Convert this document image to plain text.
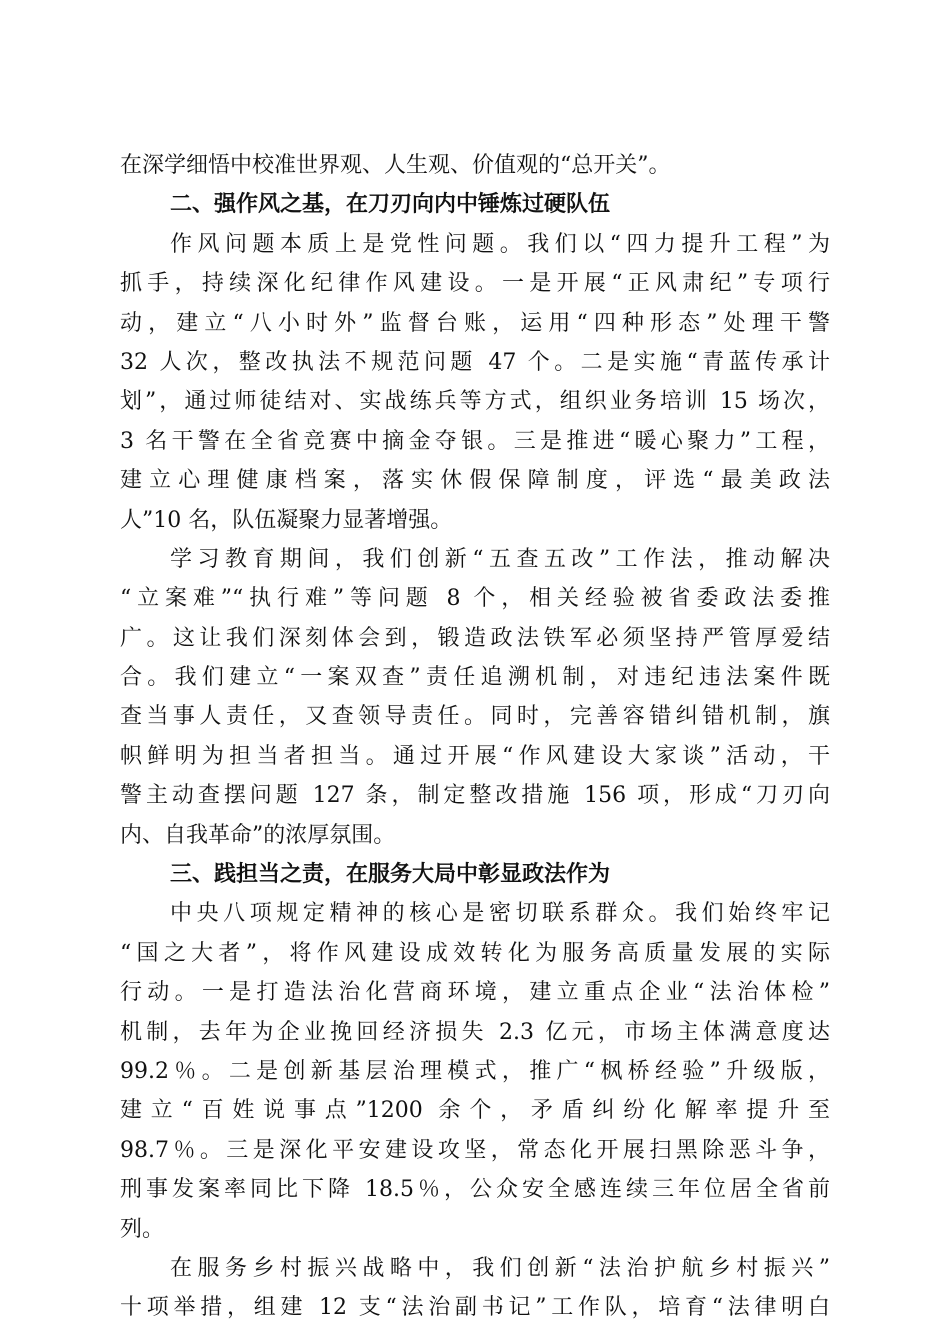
在深学细悟中校准世界观、人生观、价值观的“总开关”。
二、强作风之基，在刀刃向内中锤炼过硬队伍
作风问题本质上是党性问题。我们以“四力提升工程”为
抓手，持续深化纪律作风建设。一是开展“正风肃纪”专项行
动，建立“八小时外”监督台账，运用“四种形态”处理干警
32 人次，整改执法不规范问题 47 个。二是实施“青蓝传承计
划”，通过师徒结对、实战练兵等方式，组织业务培训 15 场次，
3 名干警在全省竞赛中摘金夺银。三是推进“暖心聚力”工程，
建立心理健康档案，落实休假保障制度，评选“最美政法
人”10 名，队伍凝聚力显著增强。
学习教育期间，我们创新“五查五改”工作法，推动解决
“立案难”“执行难”等问题 8 个，相关经验被省委政法委推
广。这让我们深刻体会到，锻造政法铁军必须坚持严管厚爱结
合。我们建立“一案双查”责任追溯机制，对违纪违法案件既
查当事人责任，又查领导责任。同时，完善容错纠错机制，旗
帜鲜明为担当者担当。通过开展“作风建设大家谈”活动，干
警主动查摆问题 127 条，制定整改措施 156 项，形成“刀刃向
内、自我革命”的浓厚氛围。
三、践担当之责，在服务大局中彰显政法作为
中央八项规定精神的核心是密切联系群众。我们始终牢记
“国之大者”，将作风建设成效转化为服务高质量发展的实际
行动。一是打造法治化营商环境，建立重点企业“法治体检”
机制，去年为企业挽回经济损失 2.3 亿元，市场主体满意度达
99.2％。二是创新基层治理模式，推广“枫桥经验”升级版，
建立“百姓说事点”1200 余个，矛盾纠纷化解率提升至
98.7％。三是深化平安建设攻坚，常态化开展扫黑除恶斗争，
刑事发案率同比下降 18.5％，公众安全感连续三年位居全省前
列。
在服务乡村振兴战略中，我们创新“法治护航乡村振兴”
十项举措，组建 12 支“法治副书记”工作队，培育“法律明白
